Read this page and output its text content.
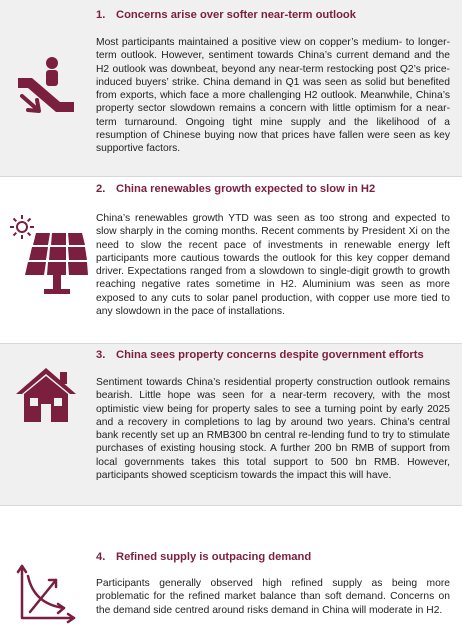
1. Concerns arise over softer near-term outlook

Most participants maintained a positive view on copper’s medium- to longer-term outlook. However, sentiment towards China’s current demand and the H2 outlook was downbeat, beyond any near-term restocking post Q2’s price-induced buyers’ strike. China demand in Q1 was seen as solid but benefited from exports, which face a more challenging H2 outlook. Meanwhile, China’s property sector slowdown remains a concern with little optimism for a near-term turnaround. Ongoing tight mine supply and the likelihood of a resumption of Chinese buying now that prices have fallen were seen as key supportive factors.

2. China renewables growth expected to slow in H2

China’s renewables growth YTD was seen as too strong and expected to slow sharply in the coming months. Recent comments by President Xi on the need to slow the recent pace of investments in renewable energy left participants more cautious towards the outlook for this key copper demand driver. Expectations ranged from a slowdown to single-digit growth to growth reaching negative rates sometime in H2. Aluminium was seen as more exposed to any cuts to solar panel production, with copper use more tied to any slowdown in the pace of installations.

3. China sees property concerns despite government efforts

Sentiment towards China’s residential property construction outlook remains bearish. Little hope was seen for a near-term recovery, with the most optimistic view being for property sales to see a turning point by early 2025 and a recovery in completions to lag by around two years. China’s central bank recently set up an RMB300 bn central re-lending fund to try to stimulate purchases of existing housing stock. A further 200 bn RMB of support from local governments takes this total support to 500 bn RMB. However, participants showed scepticism towards the impact this will have.

4. Refined supply is outpacing demand

Participants generally observed high refined supply as being more problematic for the refined market balance than soft demand. Concerns on the demand side centred around risks demand in China will moderate in H2.
